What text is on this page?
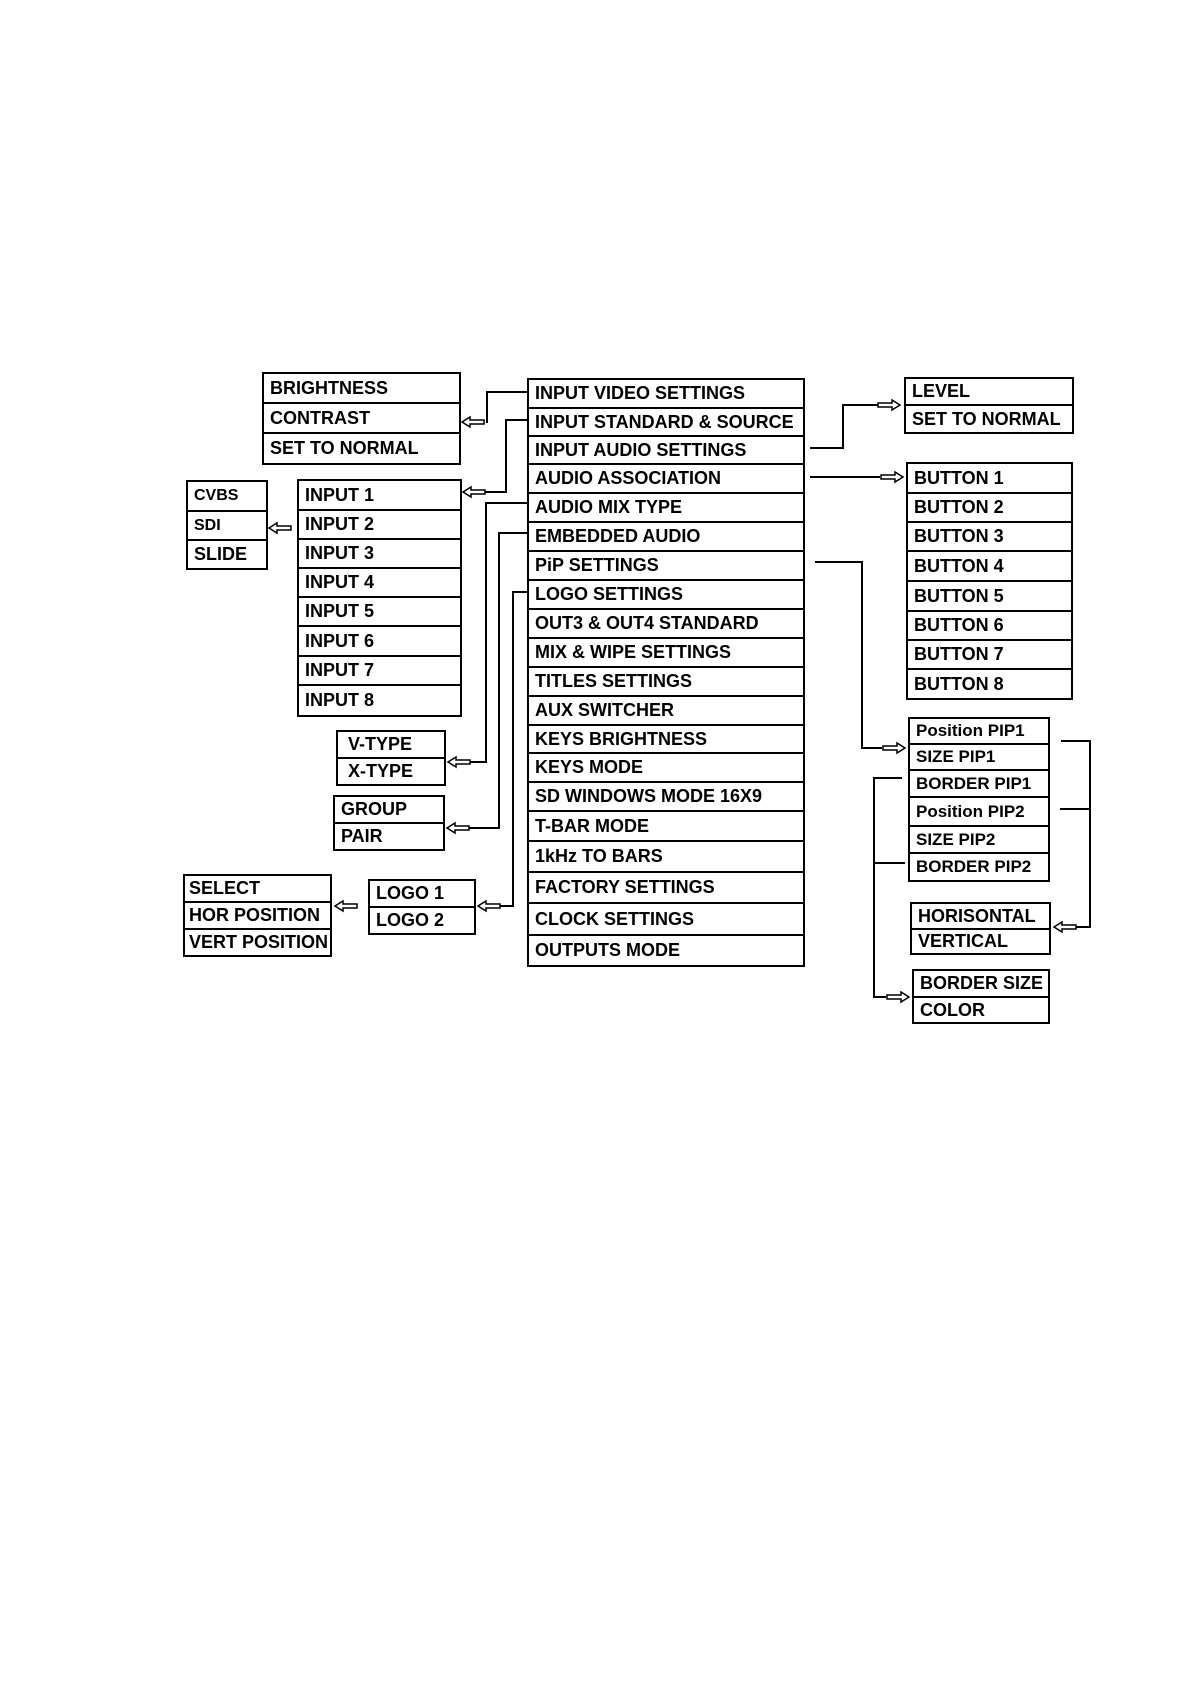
INPUT VIDEO SETTINGS
INPUT STANDARD & SOURCE
INPUT AUDIO SETTINGS
AUDIO ASSOCIATION
AUDIO MIX TYPE
EMBEDDED AUDIO
PiP SETTINGS
LOGO SETTINGS
OUT3 & OUT4 STANDARD
MIX & WIPE SETTINGS
TITLES SETTINGS
AUX SWITCHER
KEYS BRIGHTNESS
KEYS MODE
SD WINDOWS MODE 16X9
T-BAR MODE
1kHz TO BARS
FACTORY SETTINGS
CLOCK SETTINGS
OUTPUTS MODE
BRIGHTNESS
CONTRAST
SET TO NORMAL
INPUT 1
INPUT 2
INPUT 3
INPUT 4
INPUT 5
INPUT 6
INPUT 7
INPUT 8
CVBS
SDI
SLIDE
V-TYPE
X-TYPE
GROUP
PAIR
LOGO 1
LOGO 2
SELECT
HOR POSITION
VERT POSITION
LEVEL
SET TO NORMAL
BUTTON 1
BUTTON 2
BUTTON 3
BUTTON 4
BUTTON 5
BUTTON 6
BUTTON 7
BUTTON 8
Position PIP1
SIZE PIP1
BORDER PIP1
Position PIP2
SIZE PIP2
BORDER PIP2
HORISONTAL
VERTICAL
BORDER SIZE
COLOR
